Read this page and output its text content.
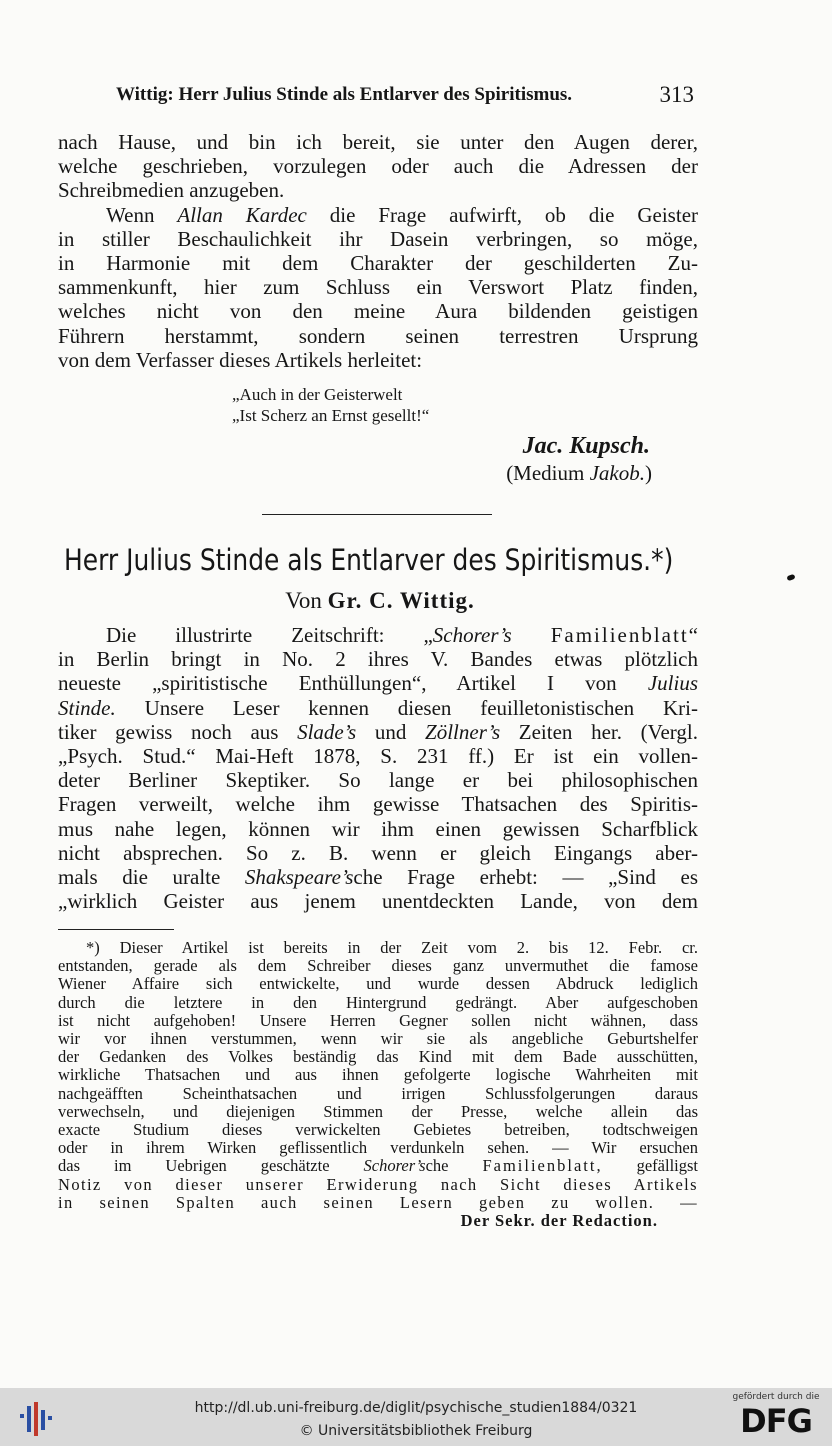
Wittig: Herr Julius Stinde als Entlarver des Spiritismus.	313
nach Hause, und bin ich bereit, sie unter den Augen derer,
welche geschrieben, vorzulegen oder auch die Adressen der
Schreibmedien anzugeben.
Wenn Allan Kardec die Frage aufwirft, ob die Geister
in stiller Beschaulichkeit ihr Dasein verbringen, so möge,
in Harmonie mit dem Charakter der geschilderten Zu-
sammenkunft, hier zum Schluss ein Verswort Platz finden,
welches nicht von den meine Aura bildenden geistigen
Führern herstammt, sondern seinen terrestren Ursprung
von dem Verfasser dieses Artikels herleitet:
„Auch in der Geisterwelt
„Ist Scherz an Ernst gesellt!“
Jac. Kupsch.
(Medium Jakob.)
Herr Julius Stinde als Entlarver des Spiritismus.*)
Von Gr. C. Wittig.
Die illustrirte Zeitschrift: „Schorer’s Familienblatt“
in Berlin bringt in No. 2 ihres V. Bandes etwas plötzlich
neueste „spiritistische Enthüllungen“, Artikel I von Julius
Stinde. Unsere Leser kennen diesen feuilletonistischen Kri-
tiker gewiss noch aus Slade’s und Zöllner’s Zeiten her. (Vergl.
„Psych. Stud.“ Mai-Heft 1878, S. 231 ff.) Er ist ein vollen-
deter Berliner Skeptiker. So lange er bei philosophischen
Fragen verweilt, welche ihm gewisse Thatsachen des Spiritis-
mus nahe legen, können wir ihm einen gewissen Scharfblick
nicht absprechen. So z. B. wenn er gleich Eingangs aber-
mals die uralte Shakspeare’sche Frage erhebt: — „Sind es
„wirklich Geister aus jenem unentdeckten Lande, von dem
*) Dieser Artikel ist bereits in der Zeit vom 2. bis 12. Febr. cr.
entstanden, gerade als dem Schreiber dieses ganz unvermuthet die famose
Wiener Affaire sich entwickelte, und wurde dessen Abdruck lediglich
durch die letztere in den Hintergrund gedrängt. Aber aufgeschoben
ist nicht aufgehoben! Unsere Herren Gegner sollen nicht wähnen, dass
wir vor ihnen verstummen, wenn wir sie als angebliche Geburtshelfer
der Gedanken des Volkes beständig das Kind mit dem Bade ausschütten,
wirkliche Thatsachen und aus ihnen gefolgerte logische Wahrheiten mit
nachgeäfften Scheinthatsachen und irrigen Schlussfolgerungen daraus
verwechseln, und diejenigen Stimmen der Presse, welche allein das
exacte Studium dieses verwickelten Gebietes betreiben, todtschweigen
oder in ihrem Wirken geflissentlich verdunkeln sehen. — Wir ersuchen
das im Uebrigen geschätzte Schorer’sche Familienblatt, gefälligst
Notiz von dieser unserer Erwiderung nach Sicht dieses Artikels
in seinen Spalten auch seinen Lesern geben zu wollen. —
Der Sekr. der Redaction.
http://dl.ub.uni-freiburg.de/diglit/psychische_studien1884/0321
© Universitätsbibliothek Freiburg
gefördert durch die
DFG
